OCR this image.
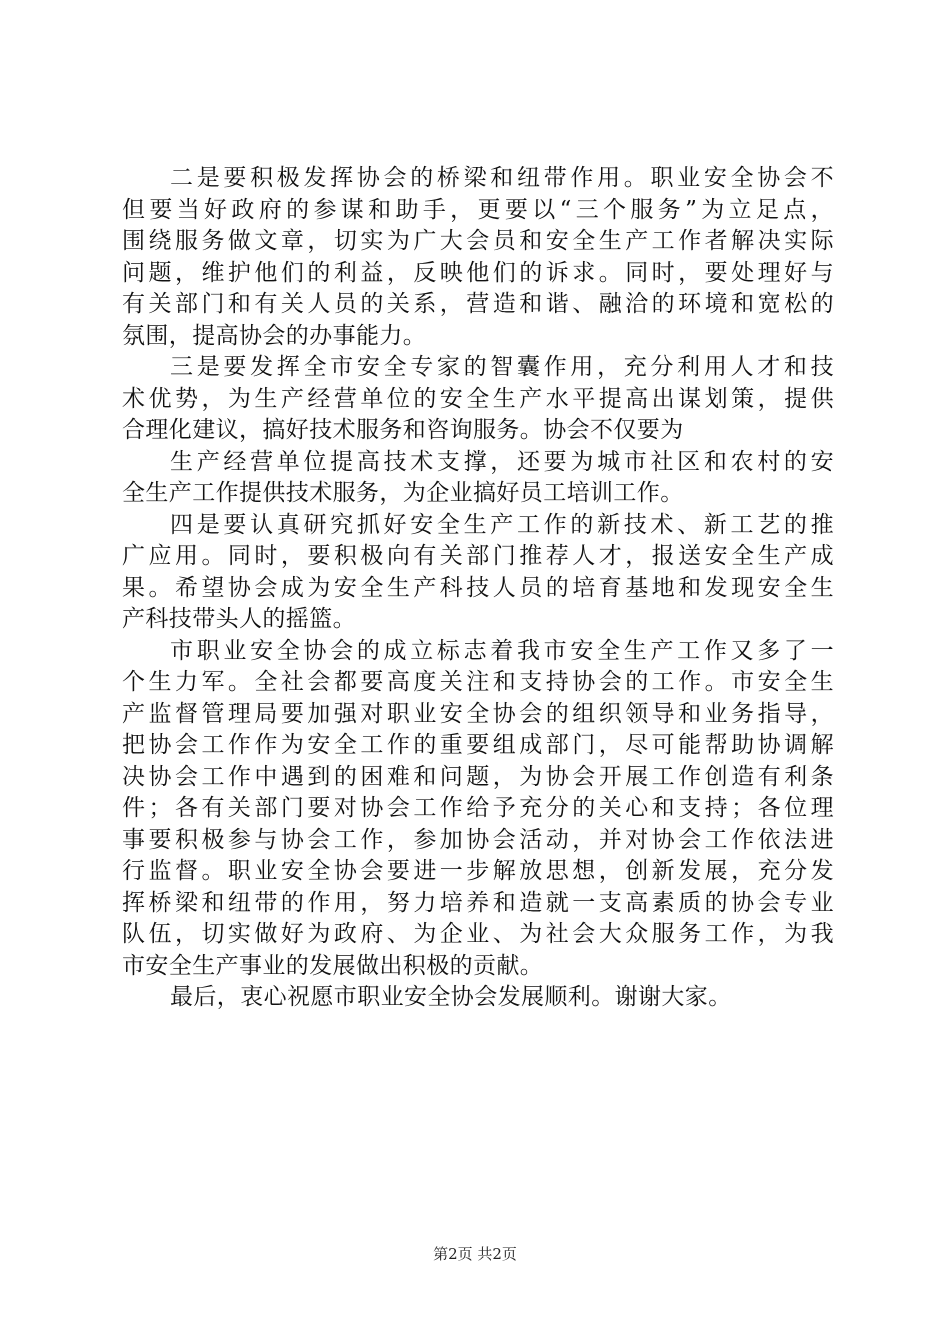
二是要积极发挥协会的桥梁和纽带作用。职业安全协会不
但要当好政府的参谋和助手，更要以“三个服务”为立足点，
围绕服务做文章，切实为广大会员和安全生产工作者解决实际
问题，维护他们的利益，反映他们的诉求。同时，要处理好与
有关部门和有关人员的关系，营造和谐、融洽的环境和宽松的
氛围，提高协会的办事能力。
三是要发挥全市安全专家的智囊作用，充分利用人才和技
术优势，为生产经营单位的安全生产水平提高出谋划策，提供
合理化建议，搞好技术服务和咨询服务。协会不仅要为
生产经营单位提高技术支撑，还要为城市社区和农村的安
全生产工作提供技术服务，为企业搞好员工培训工作。
四是要认真研究抓好安全生产工作的新技术、新工艺的推
广应用。同时，要积极向有关部门推荐人才，报送安全生产成
果。希望协会成为安全生产科技人员的培育基地和发现安全生
产科技带头人的摇篮。
市职业安全协会的成立标志着我市安全生产工作又多了一
个生力军。全社会都要高度关注和支持协会的工作。市安全生
产监督管理局要加强对职业安全协会的组织领导和业务指导，
把协会工作作为安全工作的重要组成部门，尽可能帮助协调解
决协会工作中遇到的困难和问题，为协会开展工作创造有利条
件；各有关部门要对协会工作给予充分的关心和支持；各位理
事要积极参与协会工作，参加协会活动，并对协会工作依法进
行监督。职业安全协会要进一步解放思想，创新发展，充分发
挥桥梁和纽带的作用，努力培养和造就一支高素质的协会专业
队伍，切实做好为政府、为企业、为社会大众服务工作，为我
市安全生产事业的发展做出积极的贡献。
最后，衷心祝愿市职业安全协会发展顺利。谢谢大家。
第2页 共2页
